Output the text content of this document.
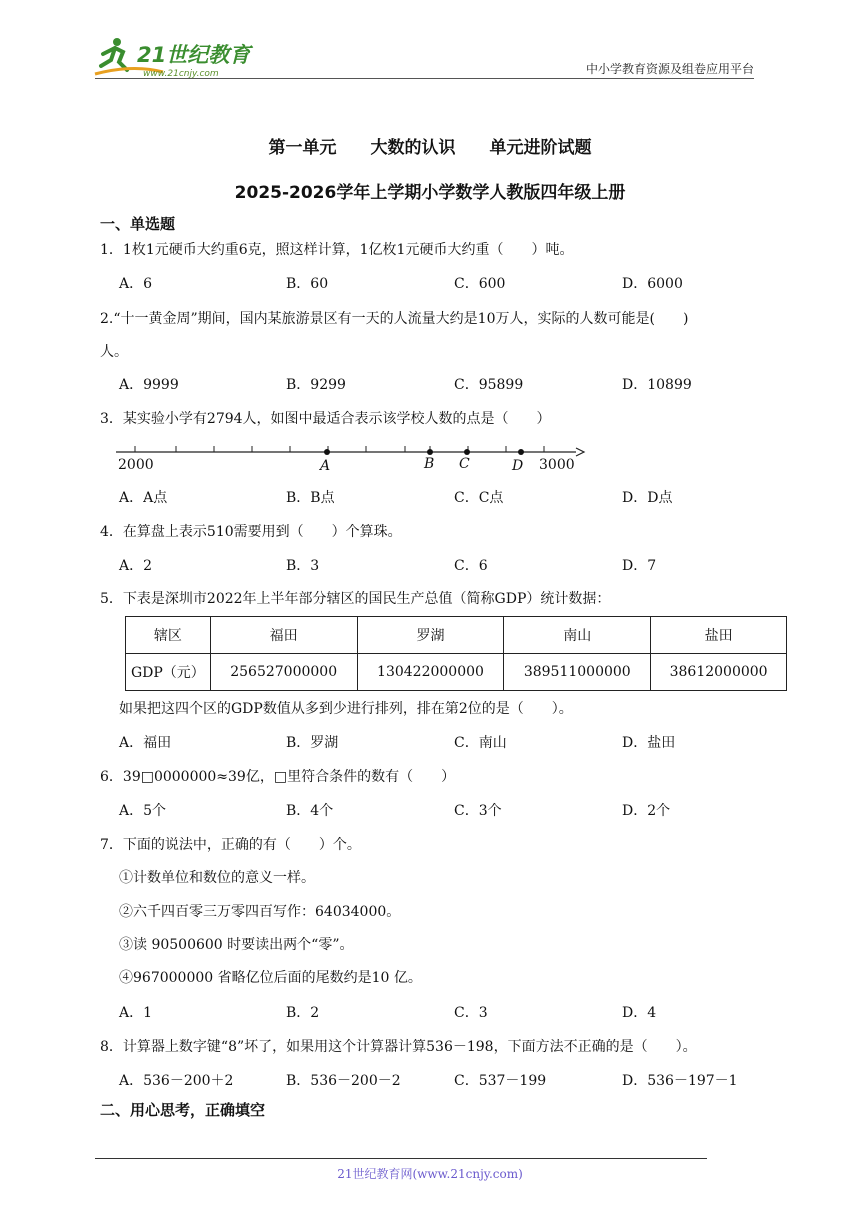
21世纪教育
www.21cnjy.com	中小学教育资源及组卷应用平台
第一单元　　大数的认识　　单元进阶试题
2025-2026学年上学期小学数学人教版四年级上册
一、单选题
1．1枚1元硬币大约重6克，照这样计算，1亿枚1元硬币大约重（　　）吨。
A．6	B．60	C．600	D．6000
2.“十一黄金周”期间，国内某旅游景区有一天的人流量大约是10万人，实际的人数可能是(　　)
人。
A．9999	B．9299	C．95899	D．10899
3．某实验小学有2794人，如图中最适合表示该学校人数的点是（　　）
2000	3000
A	B C	D
A．A点	B．B点	C．C点	D．D点
4．在算盘上表示510需要用到（　　）个算珠。
A．2	B．3	C．6	D．7
5．下表是深圳市2022年上半年部分辖区的国民生产总值（简称GDP）统计数据：
辖区	福田	罗湖	南山	盐田
GDP（元）	256527000000	130422000000	389511000000	38612000000
如果把这四个区的GDP数值从多到少进行排列，排在第2位的是（　　）。
A．福田	B．罗湖	C．南山	D．盐田
6．39□0000000≈39亿，□里符合条件的数有（　　）
A．5个	B．4个	C．3个	D．2个
7．下面的说法中，正确的有（　　）个。
①计数单位和数位的意义一样。
②六千四百零三万零四百写作：64034000。
③读 90500600 时要读出两个“零”。
④967000000 省略亿位后面的尾数约是10 亿。
A．1	B．2	C．3	D．4
8．计算器上数字键“8”坏了，如果用这个计算器计算536－198，下面方法不正确的是（　　）。
A．536－200＋2	B．536－200－2	C．537－199	D．536－197－1
二、用心思考，正确填空
21世纪教育网(www.21cnjy.com)
